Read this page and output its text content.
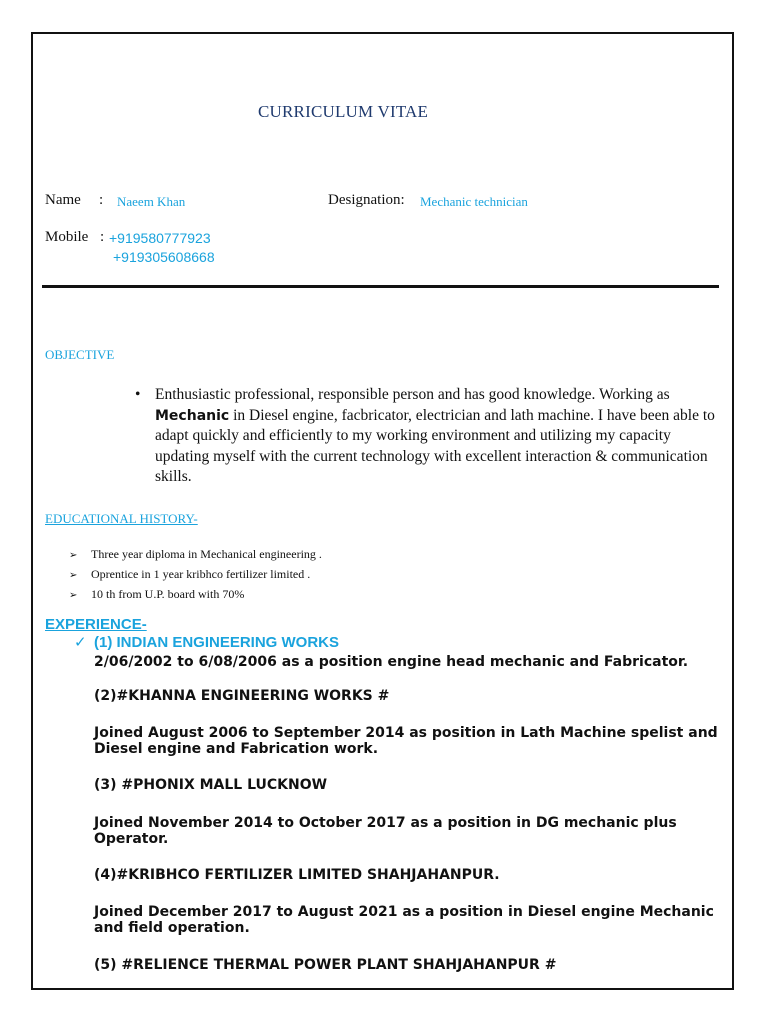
CURRICULUM VITAE
Name : Naeem Khan	Designation: Mechanic technician
Mobile : +919580777923
+919305608668
OBJECTIVE
• Enthusiastic professional, responsible person and has good knowledge. Working as Mechanic in Diesel engine, facbricator, electrician and lath machine. I have been able to adapt quickly and efficiently to my working environment and utilizing my capacity updating myself with the current technology with excellent interaction & communication skills.
EDUCATIONAL HISTORY-
➢ Three year diploma in Mechanical engineering .
➢ Oprentice in 1 year kribhco fertilizer limited .
➢ 10 th from U.P. board with 70%
EXPERIENCE-
✓ (1) INDIAN ENGINEERING WORKS
2/06/2002 to 6/08/2006 as a position engine head mechanic and Fabricator.
(2)#KHANNA ENGINEERING WORKS #
Joined August 2006 to September 2014 as position in Lath Machine spelist and Diesel engine and Fabrication work.
(3) #PHONIX MALL LUCKNOW
Joined November 2014 to October 2017 as a position in DG mechanic plus Operator.
(4)#KRIBHCO FERTILIZER LIMITED SHAHJAHANPUR.
Joined December 2017 to August 2021 as a position in Diesel engine Mechanic and field operation.
(5) #RELIENCE THERMAL POWER PLANT SHAHJAHANPUR #
